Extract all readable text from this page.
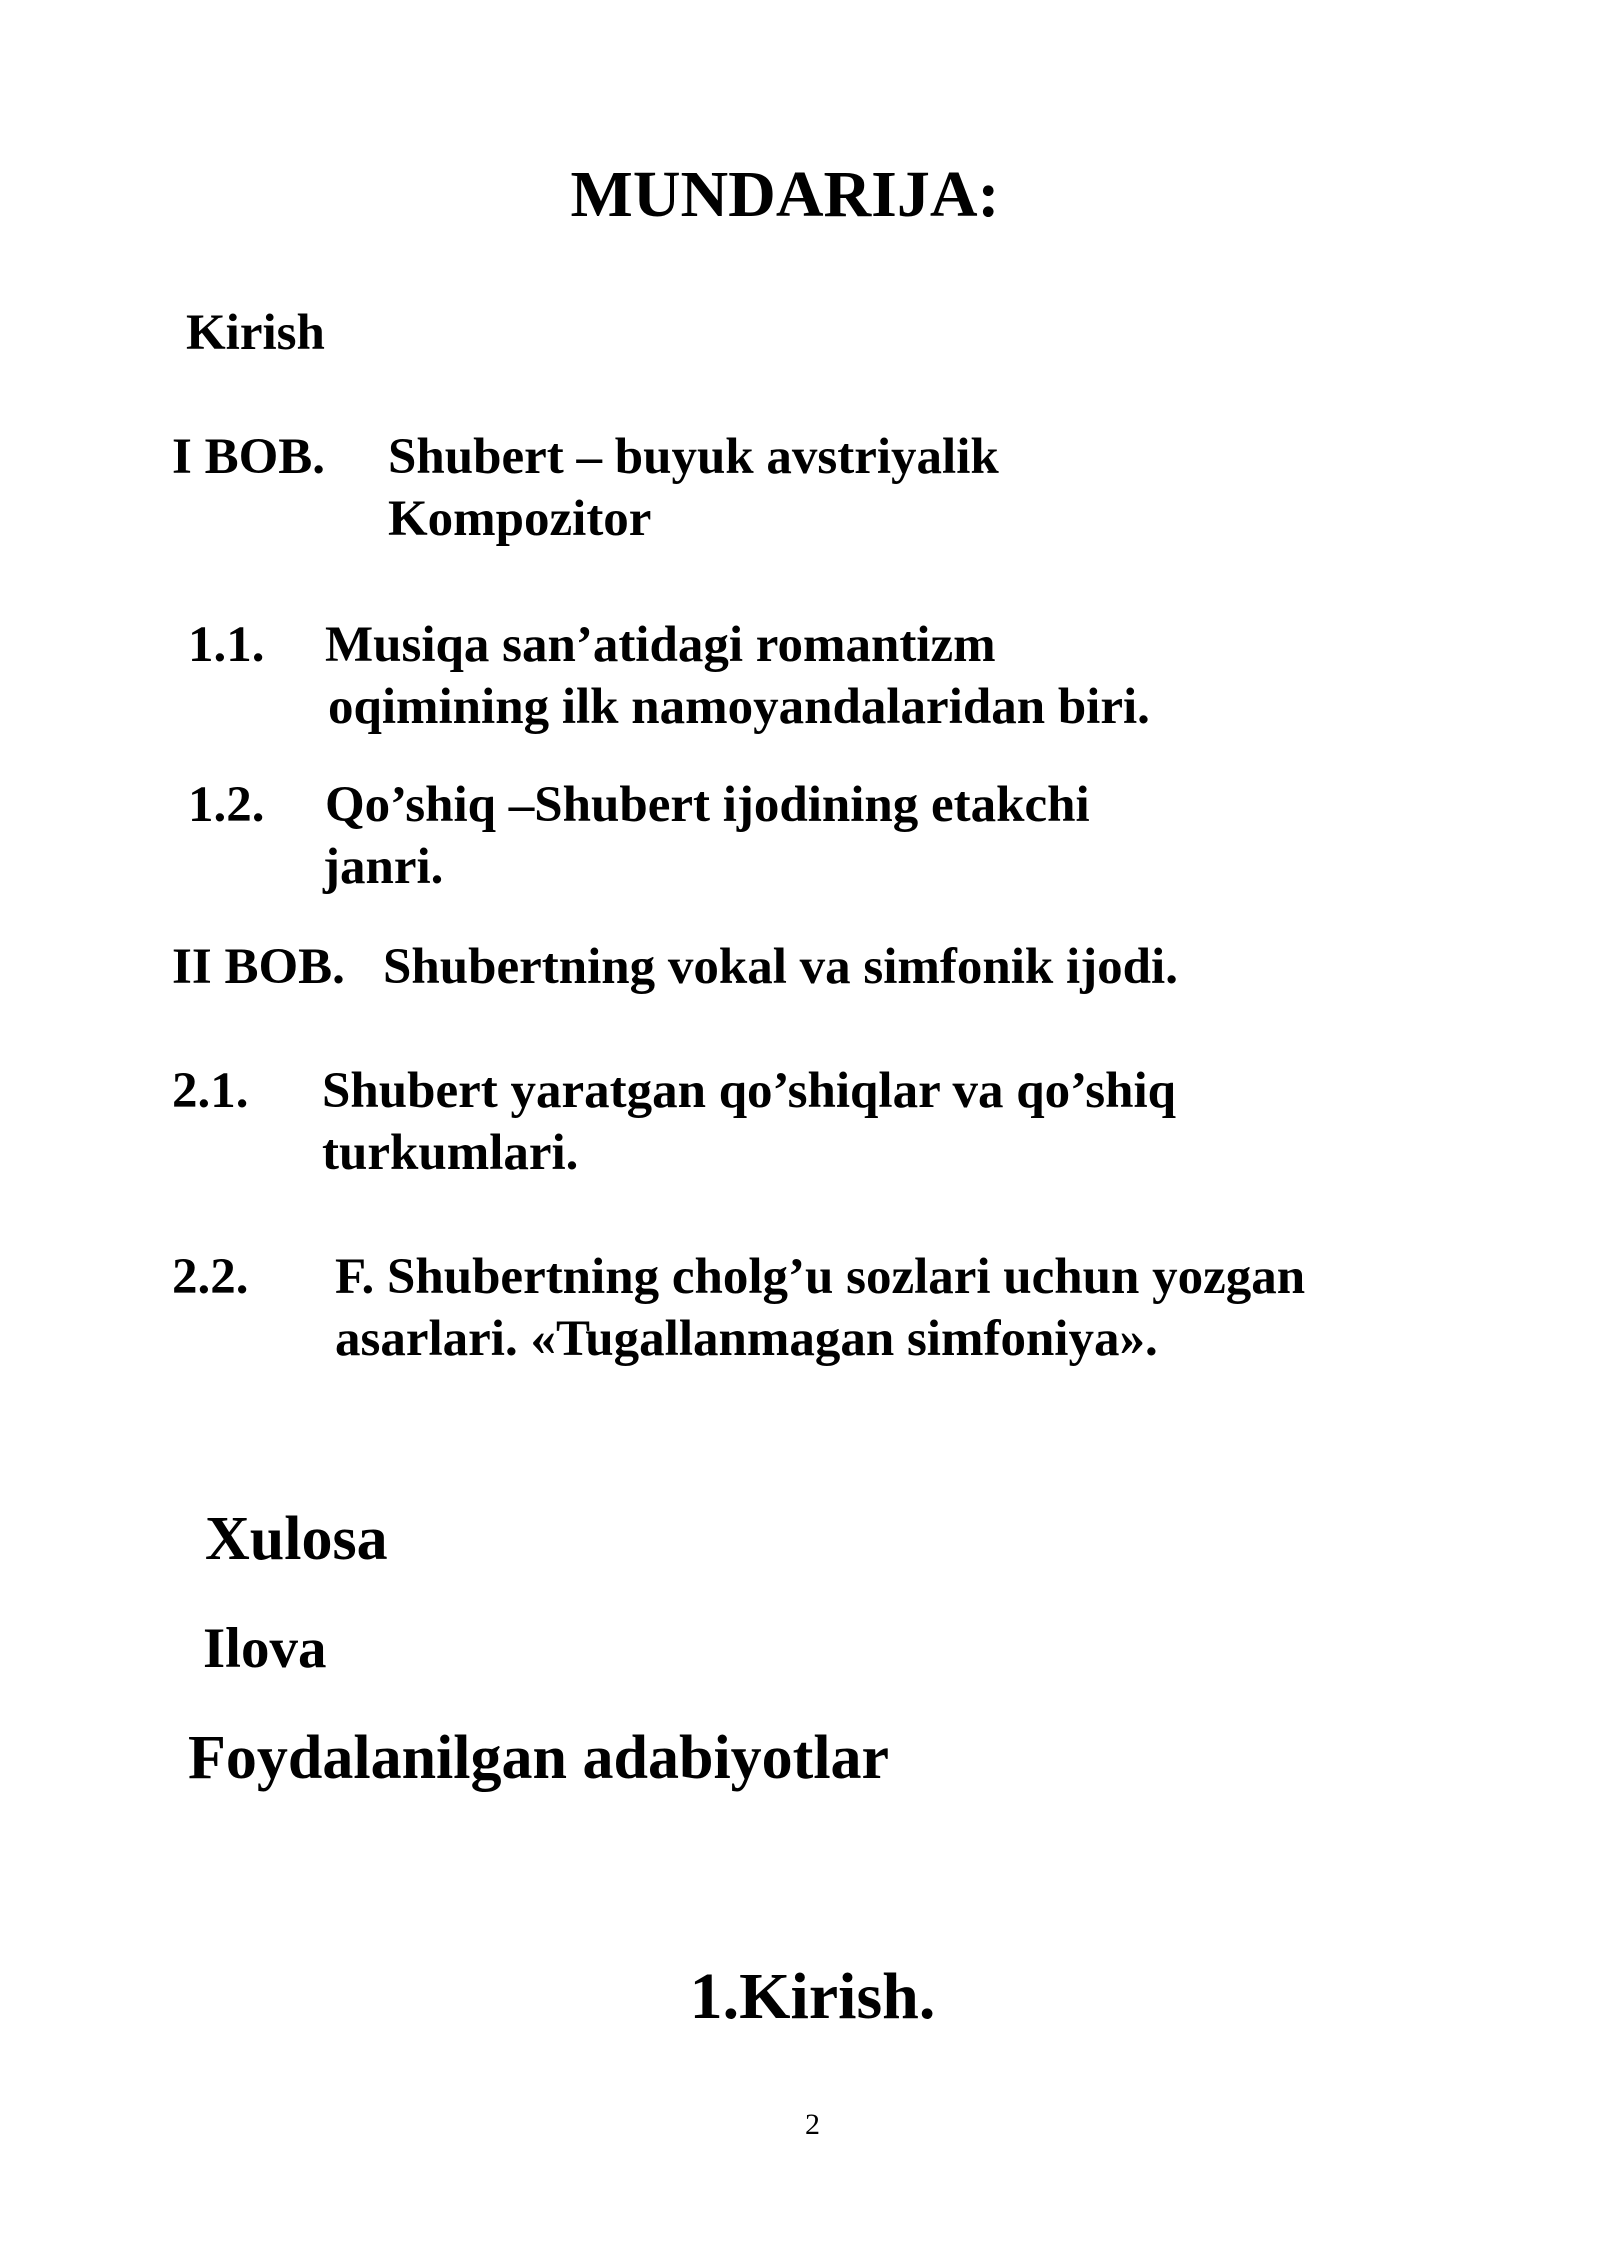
MUNDARIJA:
Kirish
I BOB. Shubert – buyuk avstriyalik
Kompozitor
1.1. Musiqa san’atidagi romantizm
oqimining ilk namoyandalaridan biri.
1.2. Qo’shiq –Shubert ijodining etakchi
janri.
II BOB. Shubertning vokal va simfonik ijodi.
2.1. Shubert yaratgan qo’shiqlar va qo’shiq
turkumlari.
2.2. F. Shubertning cholg’u sozlari uchun yozgan
asarlari. «Tugallanmagan simfoniya».
Xulosa
Ilova
Foydalanilgan adabiyotlar
1.Kirish.
2
